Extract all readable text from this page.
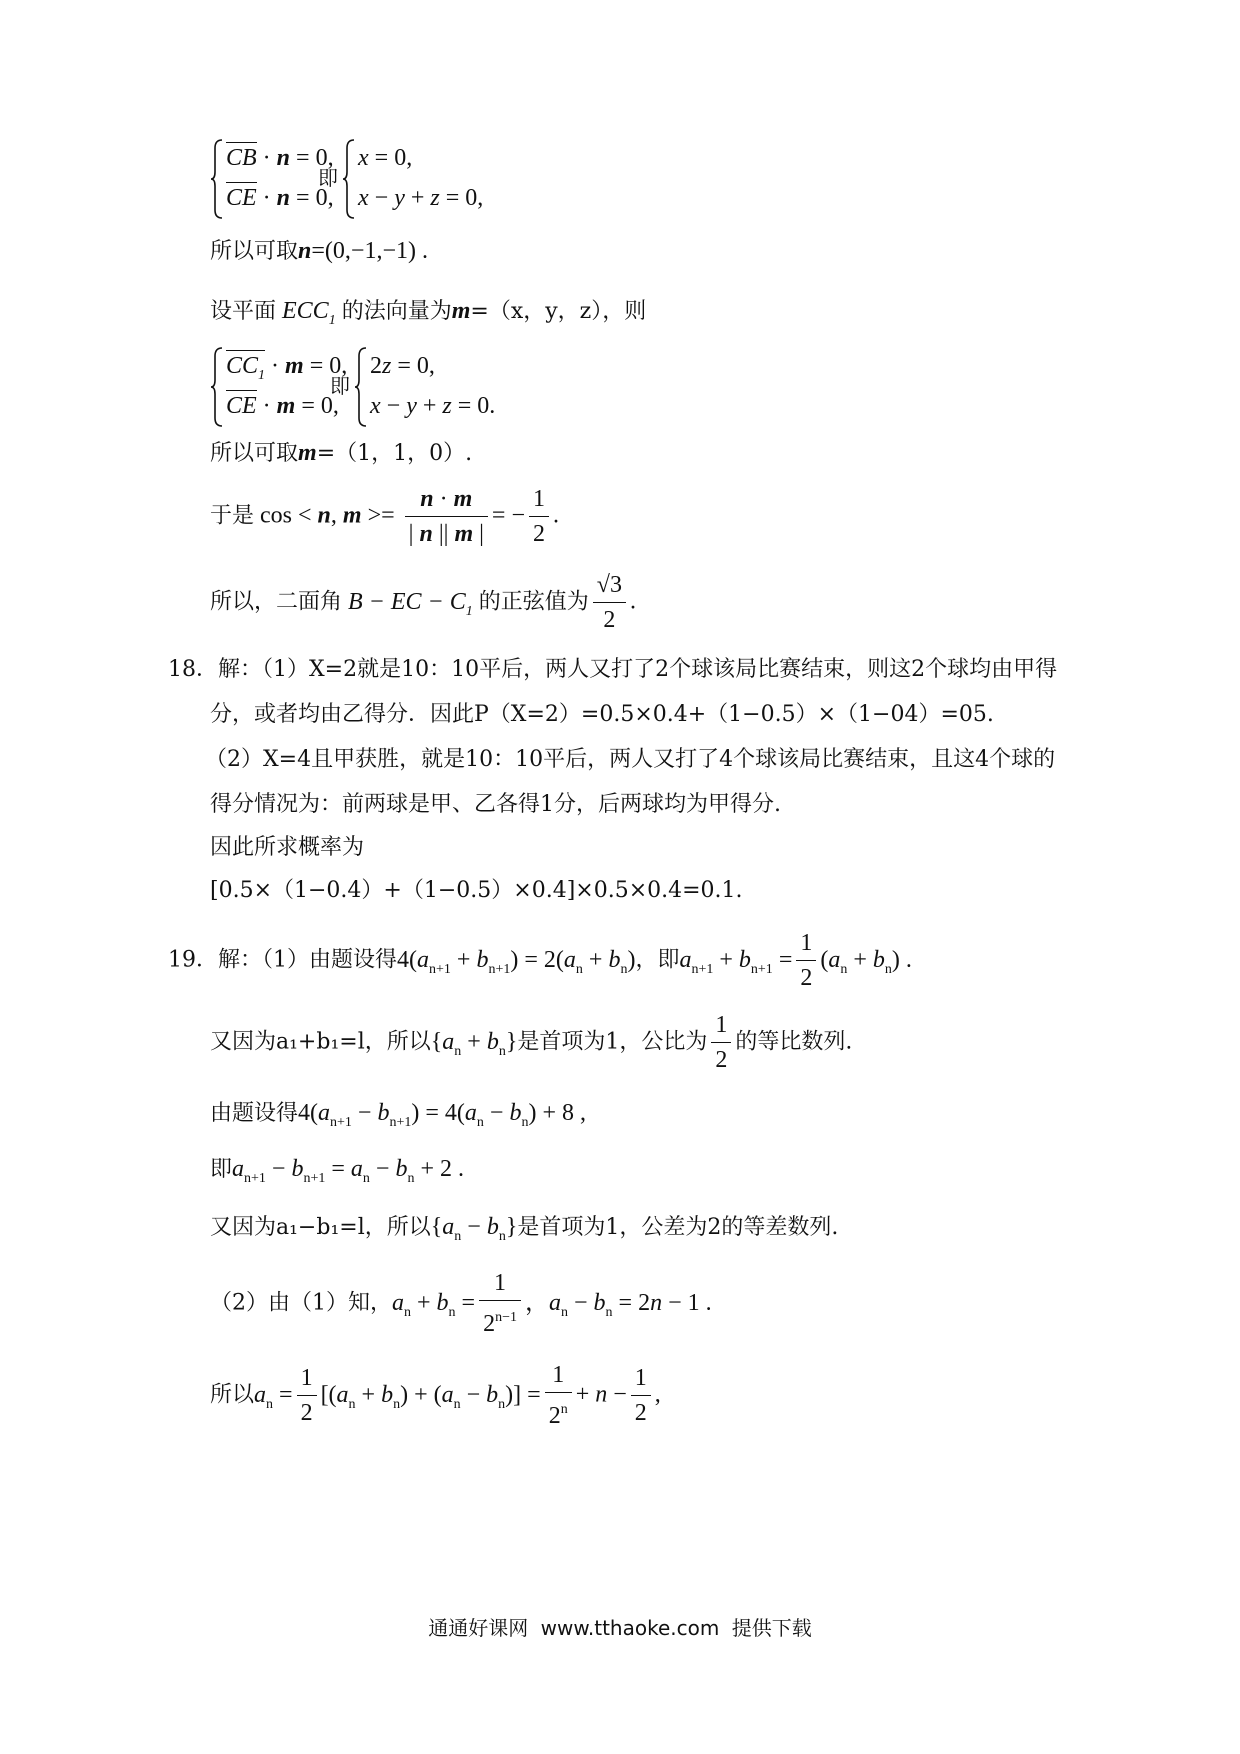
CB · n = 0,
CE · n = 0,
即
x = 0,
x − y + z = 0,
所以可取n=(0,−1,−1) .
设平面 $ECC_1$ 的法向量为m=（x，y，z），则
$CC_1 \cdot m = 0$,
CE · m = 0,
即
2z = 0,
x − y + z = 0.
所以可取m=（1，1，0）.
于是 cos < n, $m >= \frac{n \cdot m}{| n || m |}$ = − $\frac{1}{2}$ .
所以，二面角 B − EC − $C_1$ 的正弦值为 $\frac{√3}{2}$ .
18．解：（1）X=2就是10：10平后，两人又打了2个球该局比赛结束，则这2个球均由甲得
分，或者均由乙得分．因此P（X=2）=0.5×0.4+（1−0.5）×（1−04）=05.
（2）X=4且甲获胜，就是10：10平后，两人又打了4个球该局比赛结束，且这4个球的
得分情况为：前两球是甲、乙各得1分，后两球均为甲得分.
因此所求概率为
[0.5×（1−0.4）+（1−0.5）×0.4]×0.5×0.4=0.1.
19．解：（1）由题设得$4(a_{n+1} + b_{n+1}) = 2(a_n + b_n)$，即$a_{n+1} + b_{n+1} = \frac{1}{2} (a_n + b_n)$ .
又因为a₁+b₁=l，所以$\{a_n + b_n\}$是首项为1，公比为 $\frac{1}{2}$ 的等比数列.
由题设得$4(a_{n+1} - b_{n+1}) = 4(a_n - b_n) + 8$ ,
即$a_{n+1} - b_{n+1} = a_n - b_n + 2$ .
又因为a₁−b₁=l，所以$\{a_n - b_n\}$是首项为1，公差为2的等差数列.
（2）由（1）知，$a_n + b_n = \frac{1}{2^{n-1}}$ ，$a_n - b_n = 2n - 1$ .
所以$a_n = \frac{1}{2} [(a_n + b_n) + (a_n - b_n)] = \frac{1}{2^n} + n - \frac{1}{2}$ ,
通通好课网 www.tthaoke.com 提供下载
